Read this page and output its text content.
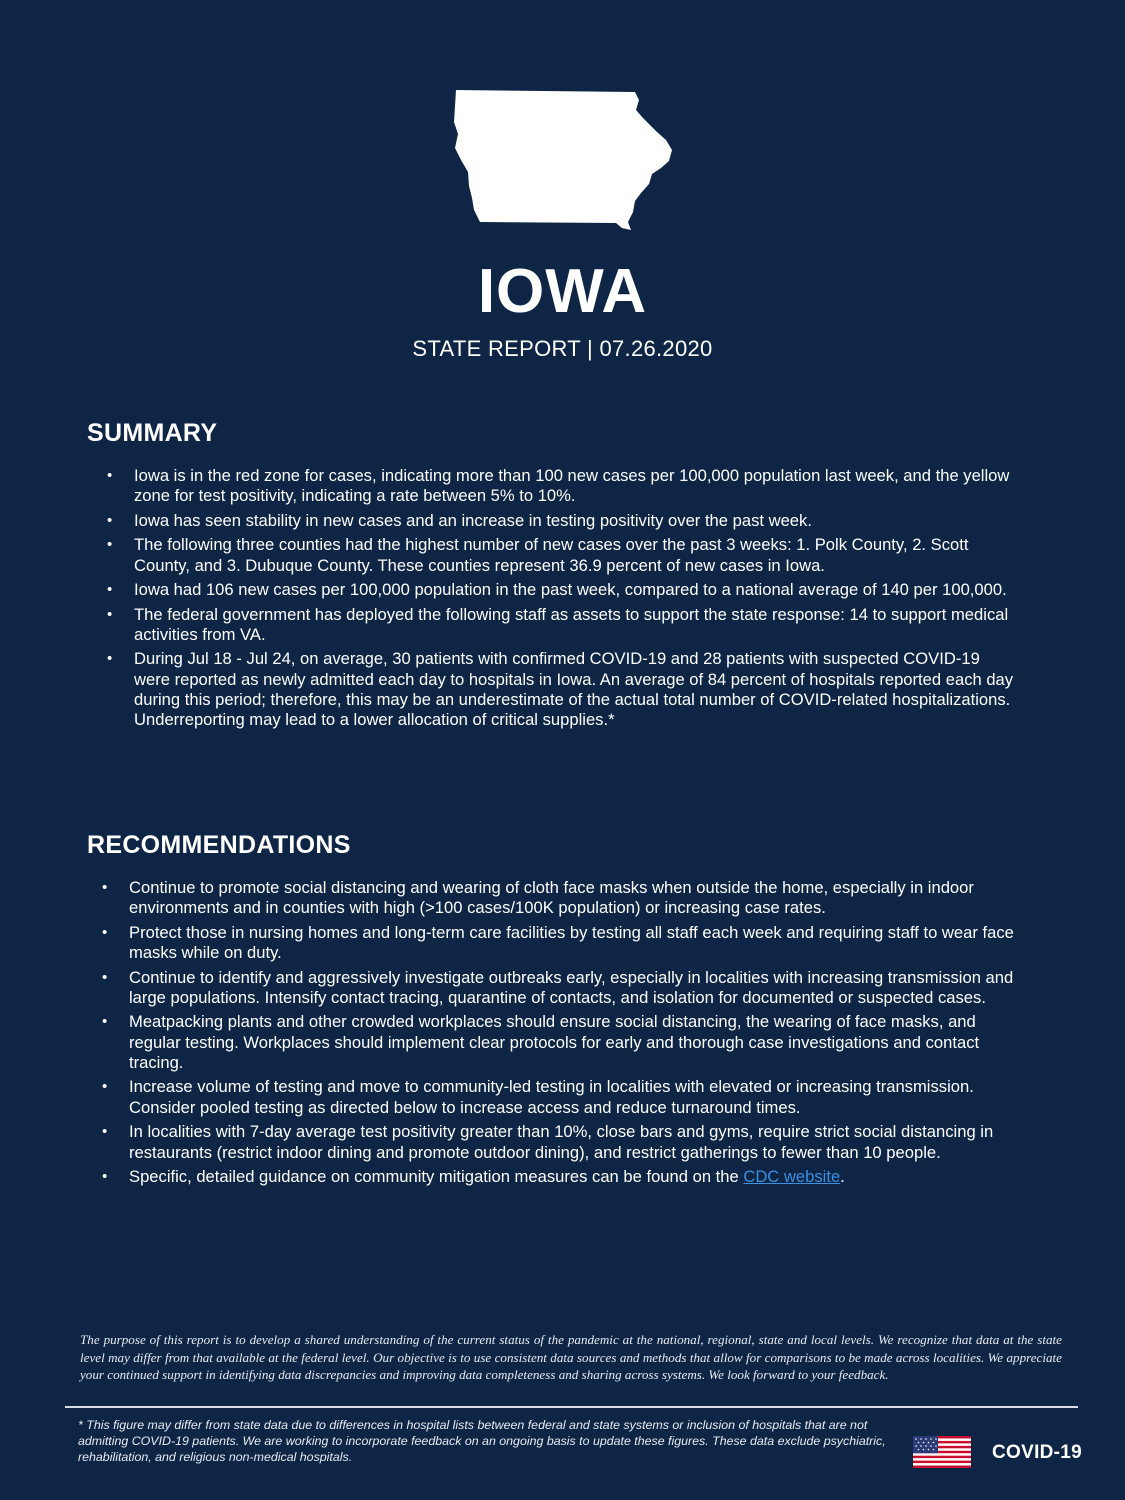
IOWA
STATE REPORT | 07.26.2020
SUMMARY
• Iowa is in the red zone for cases, indicating more than 100 new cases per 100,000 population last week, and the yellow zone for test positivity, indicating a rate between 5% to 10%.
• Iowa has seen stability in new cases and an increase in testing positivity over the past week.
• The following three counties had the highest number of new cases over the past 3 weeks: 1. Polk County, 2. Scott County, and 3. Dubuque County. These counties represent 36.9 percent of new cases in Iowa.
• Iowa had 106 new cases per 100,000 population in the past week, compared to a national average of 140 per 100,000.
• The federal government has deployed the following staff as assets to support the state response: 14 to support medical activities from VA.
• During Jul 18 - Jul 24, on average, 30 patients with confirmed COVID-19 and 28 patients with suspected COVID-19 were reported as newly admitted each day to hospitals in Iowa. An average of 84 percent of hospitals reported each day during this period; therefore, this may be an underestimate of the actual total number of COVID-related hospitalizations. Underreporting may lead to a lower allocation of critical supplies.*
RECOMMENDATIONS
• Continue to promote social distancing and wearing of cloth face masks when outside the home, especially in indoor environments and in counties with high (>100 cases/100K population) or increasing case rates.
• Protect those in nursing homes and long-term care facilities by testing all staff each week and requiring staff to wear face masks while on duty.
• Continue to identify and aggressively investigate outbreaks early, especially in localities with increasing transmission and large populations. Intensify contact tracing, quarantine of contacts, and isolation for documented or suspected cases.
• Meatpacking plants and other crowded workplaces should ensure social distancing, the wearing of face masks, and regular testing. Workplaces should implement clear protocols for early and thorough case investigations and contact tracing.
• Increase volume of testing and move to community-led testing in localities with elevated or increasing transmission. Consider pooled testing as directed below to increase access and reduce turnaround times.
• In localities with 7-day average test positivity greater than 10%, close bars and gyms, require strict social distancing in restaurants (restrict indoor dining and promote outdoor dining), and restrict gatherings to fewer than 10 people.
• Specific, detailed guidance on community mitigation measures can be found on the CDC website.
The purpose of this report is to develop a shared understanding of the current status of the pandemic at the national, regional, state and local levels. We recognize that data at the state level may differ from that available at the federal level. Our objective is to use consistent data sources and methods that allow for comparisons to be made across localities. We appreciate your continued support in identifying data discrepancies and improving data completeness and sharing across systems. We look forward to your feedback.
* This figure may differ from state data due to differences in hospital lists between federal and state systems or inclusion of hospitals that are not admitting COVID-19 patients. We are working to incorporate feedback on an ongoing basis to update these figures. These data exclude psychiatric, rehabilitation, and religious non-medical hospitals.	COVID-19
